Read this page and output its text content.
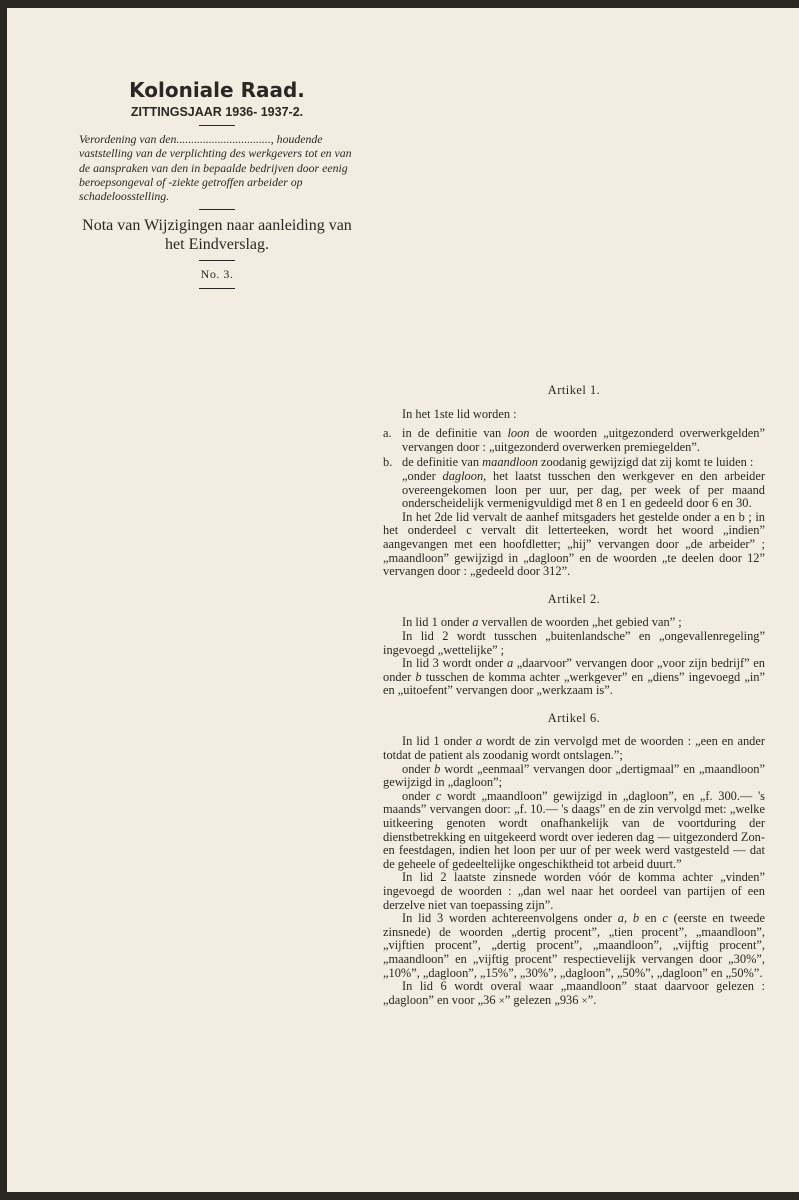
Koloniale Raad.
ZITTINGSJAAR 1936- 1937-2.
Verordening van den................................, houdende vaststelling van de verplichting des werkgevers tot en van de aanspraken van den in bepaalde bedrijven door eenig beroepsongeval of -ziekte getroffen arbeider op schadeloosstelling.
Nota van Wijzigingen naar aanleiding van het Eindverslag.
No. 3.
Artikel 1.

In het 1ste lid worden :

a. in de definitie van loon de woorden „uitgezonderd overwerkgelden” vervangen door : „uitgezonderd overwerken premiegelden”.
b. de definitie van maandloon zoodanig gewijzigd dat zij komt te luiden :

„onder dagloon, het laatst tusschen den werkgever en den arbeider overeengekomen loon per uur, per dag, per week of per maand onderscheidelijk vermenigvuldigd met 8 en 1 en gedeeld door 6 en 30.

In het 2de lid vervalt de aanhef mitsgaders het gestelde onder a en b ; in het onderdeel c vervalt dit letterteeken, wordt het woord „indien” aangevangen met een hoofdletter; „hij” vervangen door „de arbeider” ; „maandloon” gewijzigd in „dagloon” en de woorden „te deelen door 12” vervangen door : „gedeeld door 312”.

Artikel 2.

In lid 1 onder a vervallen de woorden „het gebied van” ;

In lid 2 wordt tusschen „buitenlandsche” en „ongevallenregeling” ingevoegd „wettelijke” ;

In lid 3 wordt onder a „daarvoor” vervangen door „voor zijn bedrijf” en onder b tusschen de komma achter „werkgever” en „diens” ingevoegd „in” en „uitoefent” vervangen door „werkzaam is”.

Artikel 6.

In lid 1 onder a wordt de zin vervolgd met de woorden : „een en ander totdat de patient als zoodanig wordt ontslagen.”;

onder b wordt „eenmaal” vervangen door „dertigmaal” en „maandloon” gewijzigd in „dagloon”;

onder c wordt „maandloon” gewijzigd in „dagloon”, en „f. 300.— 's maands” vervangen door: „f. 10.— 's daags” en de zin vervolgd met: „welke uitkeering genoten wordt onafhankelijk van de voortduring der dienstbetrekking en uitgekeerd wordt over iederen dag — uitgezonderd Zon- en feestdagen, indien het loon per uur of per week werd vastgesteld — dat de geheele of gedeeltelijke ongeschiktheid tot arbeid duurt.”

In lid 2 laatste zinsnede worden vóór de komma achter „vinden” ingevoegd de woorden : „dan wel naar het oordeel van partijen of een derzelve niet van toepassing zijn”.

In lid 3 worden achtereenvolgens onder a, b en c (eerste en tweede zinsnede) de woorden „dertig procent”, „tien procent”, „maandloon”, „vijftien procent”, „dertig procent”, „maandloon”, „vijftig procent”, „maandloon” en „vijftig procent” respectievelijk vervangen door „30%”, „10%”, „dagloon”, „15%”, „30%”, „dagloon”, „50%”, „dagloon” en „50%”.

In lid 6 wordt overal waar „maandloon” staat daarvoor gelezen : „dagloon” en voor „36 ×” gelezen „936 ×”.
